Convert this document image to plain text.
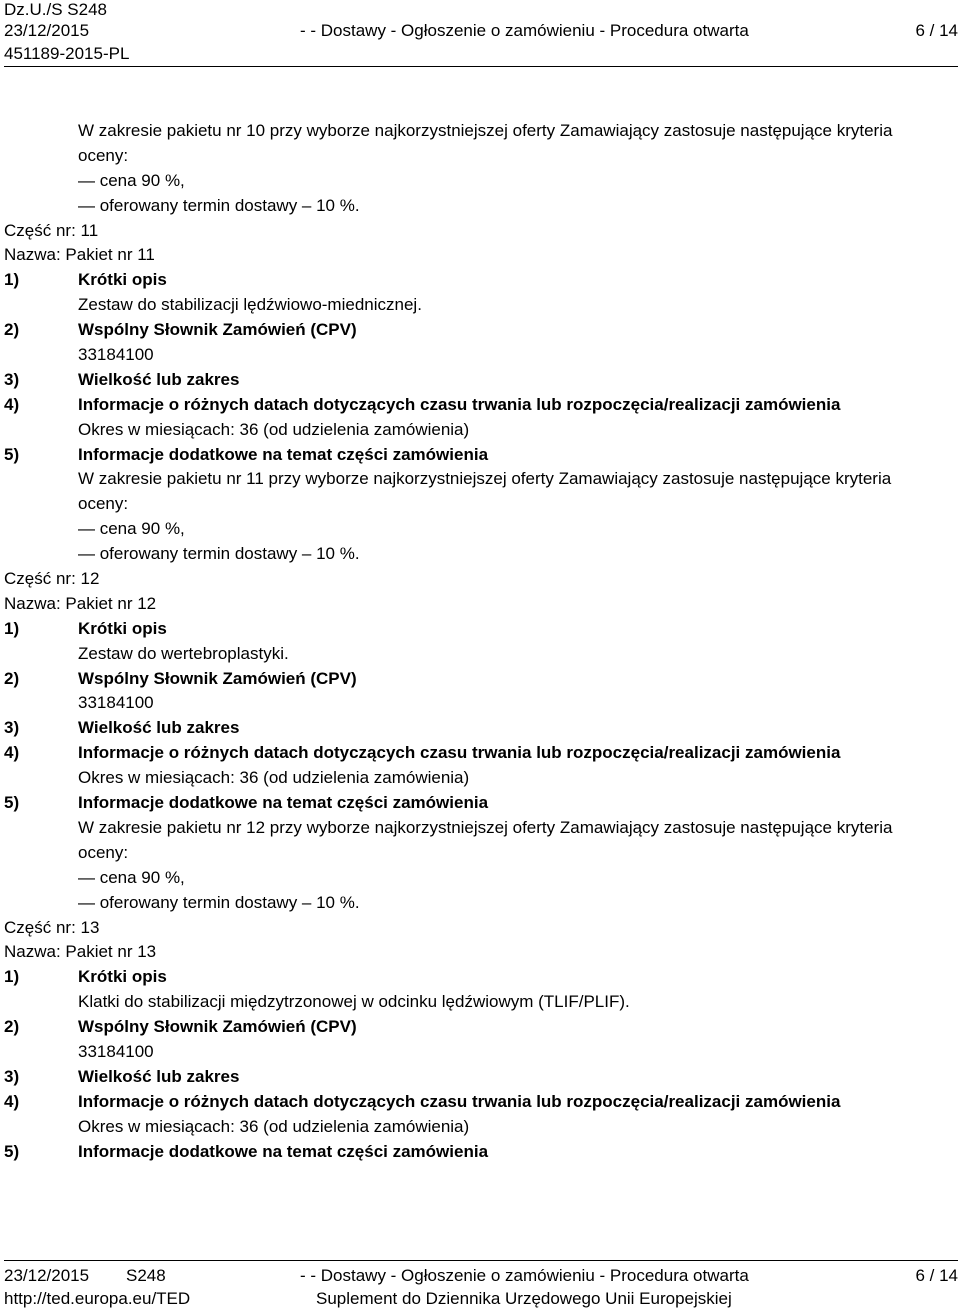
Dz.U./S S248
23/12/2015
451189-2015-PL
- - Dostawy - Ogłoszenie o zamówieniu - Procedura otwarta	6 / 14
W zakresie pakietu nr 10 przy wyborze najkorzystniejszej oferty Zamawiający zastosuje następujące kryteria
oceny:
— cena 90 %,
— oferowany termin dostawy – 10 %.
Część nr: 11
Nazwa: Pakiet nr 11
1)	Krótki opis
Zestaw do stabilizacji lędźwiowo-miednicznej.
2)	Wspólny Słownik Zamówień (CPV)
33184100
3)	Wielkość lub zakres
4)	Informacje o różnych datach dotyczących czasu trwania lub rozpoczęcia/realizacji zamówienia
Okres w miesiącach: 36 (od udzielenia zamówienia)
5)	Informacje dodatkowe na temat części zamówienia
W zakresie pakietu nr 11 przy wyborze najkorzystniejszej oferty Zamawiający zastosuje następujące kryteria
oceny:
— cena 90 %,
— oferowany termin dostawy – 10 %.
Część nr: 12
Nazwa: Pakiet nr 12
1)	Krótki opis
Zestaw do wertebroplastyki.
2)	Wspólny Słownik Zamówień (CPV)
33184100
3)	Wielkość lub zakres
4)	Informacje o różnych datach dotyczących czasu trwania lub rozpoczęcia/realizacji zamówienia
Okres w miesiącach: 36 (od udzielenia zamówienia)
5)	Informacje dodatkowe na temat części zamówienia
W zakresie pakietu nr 12 przy wyborze najkorzystniejszej oferty Zamawiający zastosuje następujące kryteria
oceny:
— cena 90 %,
— oferowany termin dostawy – 10 %.
Część nr: 13
Nazwa: Pakiet nr 13
1)	Krótki opis
Klatki do stabilizacji międzytrzonowej w odcinku lędźwiowym (TLIF/PLIF).
2)	Wspólny Słownik Zamówień (CPV)
33184100
3)	Wielkość lub zakres
4)	Informacje o różnych datach dotyczących czasu trwania lub rozpoczęcia/realizacji zamówienia
Okres w miesiącach: 36 (od udzielenia zamówienia)
5)	Informacje dodatkowe na temat części zamówienia
23/12/2015 S248
http://ted.europa.eu/TED
- - Dostawy - Ogłoszenie o zamówieniu - Procedura otwarta
Suplement do Dziennika Urzędowego Unii Europejskiej
6 / 14
